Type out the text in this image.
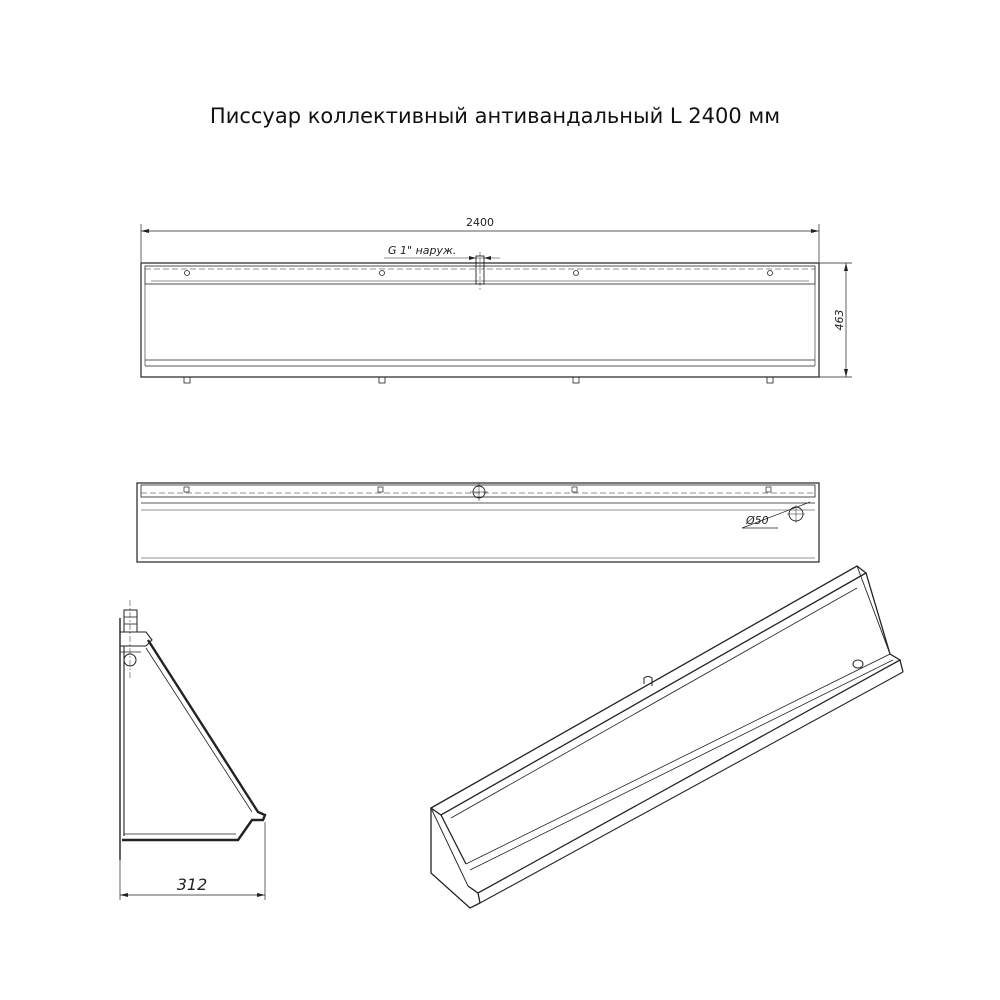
Писсуар коллективный антивандальный L 2400 мм
2400
G 1" наруж.
463
Ø50
312
